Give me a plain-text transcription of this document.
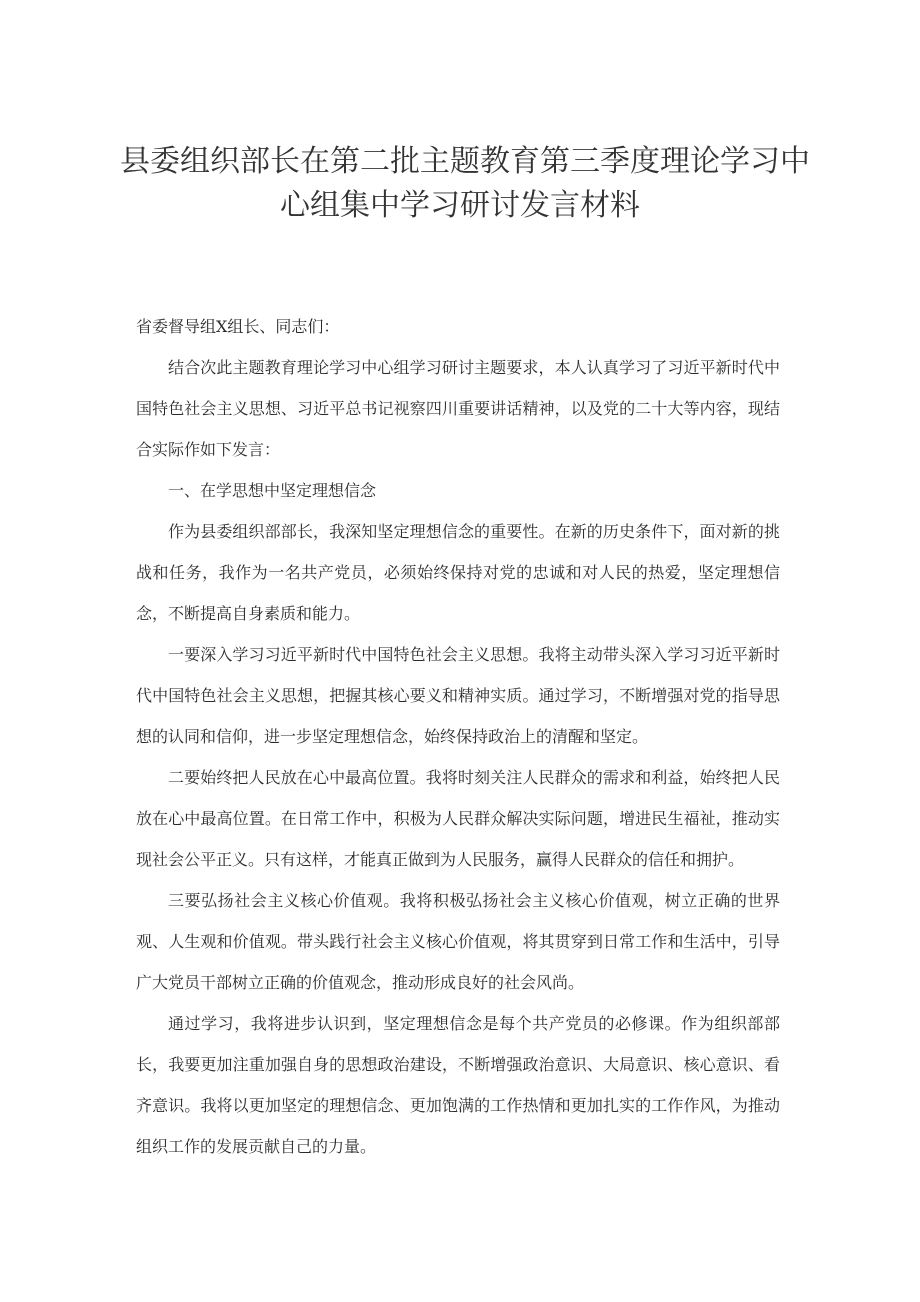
县委组织部长在第二批主题教育第三季度理论学习中
心组集中学习研讨发言材料

省委督导组X组长、同志们：

结合次此主题教育理论学习中心组学习研讨主题要求，本人认真学习了习近平新时代中国特色社会主义思想、习近平总书记视察四川重要讲话精神，以及党的二十大等内容，现结合实际作如下发言：

一、在学思想中坚定理想信念

作为县委组织部部长，我深知坚定理想信念的重要性。在新的历史条件下，面对新的挑战和任务，我作为一名共产党员，必须始终保持对党的忠诚和对人民的热爱，坚定理想信念，不断提高自身素质和能力。

一要深入学习习近平新时代中国特色社会主义思想。我将主动带头深入学习习近平新时代中国特色社会主义思想，把握其核心要义和精神实质。通过学习，不断增强对党的指导思想的认同和信仰，进一步坚定理想信念，始终保持政治上的清醒和坚定。

二要始终把人民放在心中最高位置。我将时刻关注人民群众的需求和利益，始终把人民放在心中最高位置。在日常工作中，积极为人民群众解决实际问题，增进民生福祉，推动实现社会公平正义。只有这样，才能真正做到为人民服务，赢得人民群众的信任和拥护。

三要弘扬社会主义核心价值观。我将积极弘扬社会主义核心价值观，树立正确的世界观、人生观和价值观。带头践行社会主义核心价值观，将其贯穿到日常工作和生活中，引导广大党员干部树立正确的价值观念，推动形成良好的社会风尚。

通过学习，我将进步认识到，坚定理想信念是每个共产党员的必修课。作为组织部部长，我要更加注重加强自身的思想政治建设，不断增强政治意识、大局意识、核心意识、看齐意识。我将以更加坚定的理想信念、更加饱满的工作热情和更加扎实的工作作风，为推动组织工作的发展贡献自己的力量。
